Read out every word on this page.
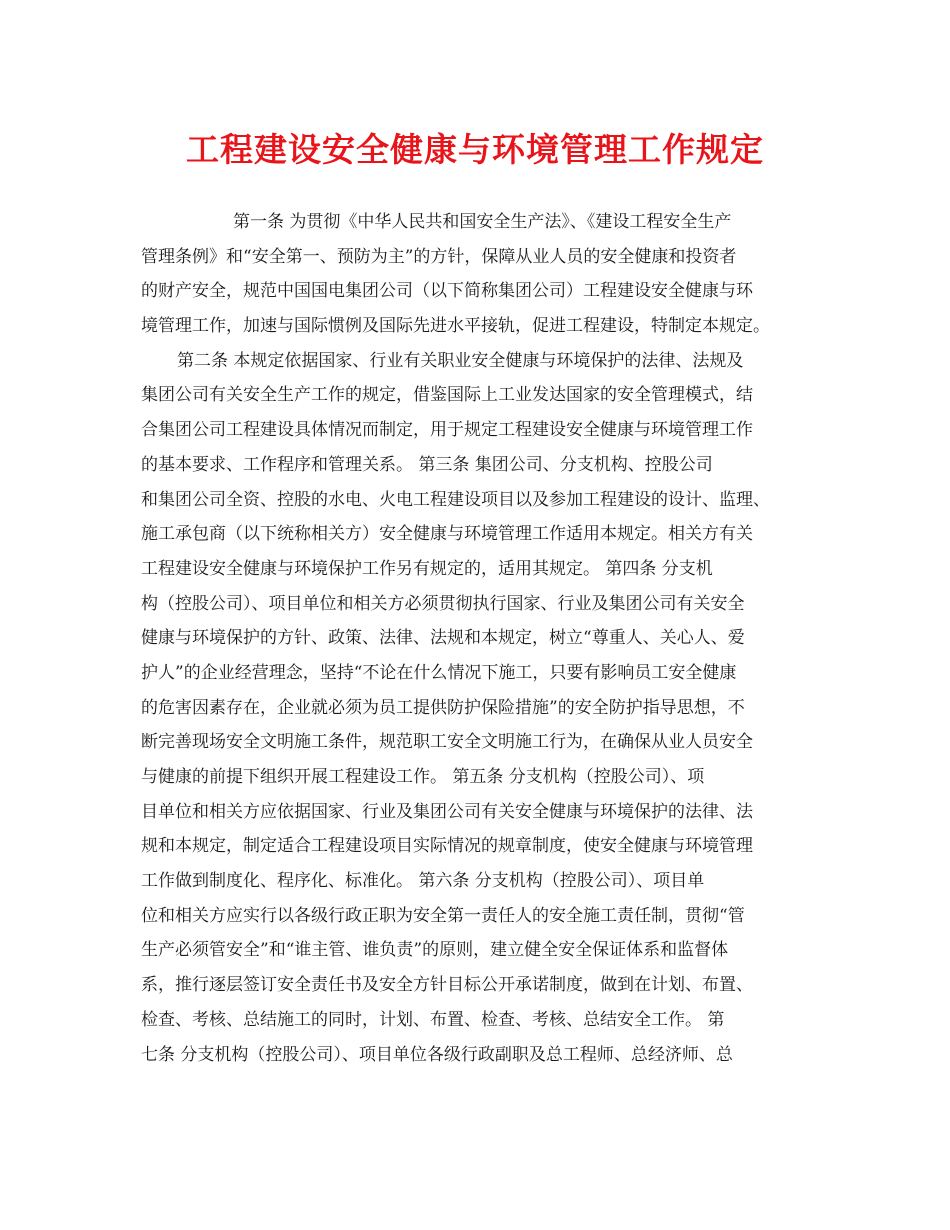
工程建设安全健康与环境管理工作规定
第一条 为贯彻《中华人民共和国安全生产法》、《建设工程安全生产
管理条例》和“安全第一、预防为主”的方针，保障从业人员的安全健康和投资者
的财产安全，规范中国国电集团公司（以下简称集团公司）工程建设安全健康与环
境管理工作，加速与国际惯例及国际先进水平接轨，促进工程建设，特制定本规定。
第二条 本规定依据国家、行业有关职业安全健康与环境保护的法律、法规及
集团公司有关安全生产工作的规定，借鉴国际上工业发达国家的安全管理模式，结
合集团公司工程建设具体情况而制定，用于规定工程建设安全健康与环境管理工作
的基本要求、工作程序和管理关系。 第三条 集团公司、分支机构、控股公司
和集团公司全资、控股的水电、火电工程建设项目以及参加工程建设的设计、监理、
施工承包商（以下统称相关方）安全健康与环境管理工作适用本规定。相关方有关
工程建设安全健康与环境保护工作另有规定的，适用其规定。 第四条 分支机
构（控股公司）、项目单位和相关方必须贯彻执行国家、行业及集团公司有关安全
健康与环境保护的方针、政策、法律、法规和本规定，树立“尊重人、关心人、爱
护人”的企业经营理念，坚持“不论在什么情况下施工，只要有影响员工安全健康
的危害因素存在，企业就必须为员工提供防护保险措施”的安全防护指导思想，不
断完善现场安全文明施工条件，规范职工安全文明施工行为，在确保从业人员安全
与健康的前提下组织开展工程建设工作。 第五条 分支机构（控股公司）、项
目单位和相关方应依据国家、行业及集团公司有关安全健康与环境保护的法律、法
规和本规定，制定适合工程建设项目实际情况的规章制度，使安全健康与环境管理
工作做到制度化、程序化、标准化。 第六条 分支机构（控股公司）、项目单
位和相关方应实行以各级行政正职为安全第一责任人的安全施工责任制，贯彻“管
生产必须管安全”和“谁主管、谁负责”的原则，建立健全安全保证体系和监督体
系，推行逐层签订安全责任书及安全方针目标公开承诺制度，做到在计划、布置、
检查、考核、总结施工的同时，计划、布置、检查、考核、总结安全工作。 第
七条 分支机构（控股公司）、项目单位各级行政副职及总工程师、总经济师、总
